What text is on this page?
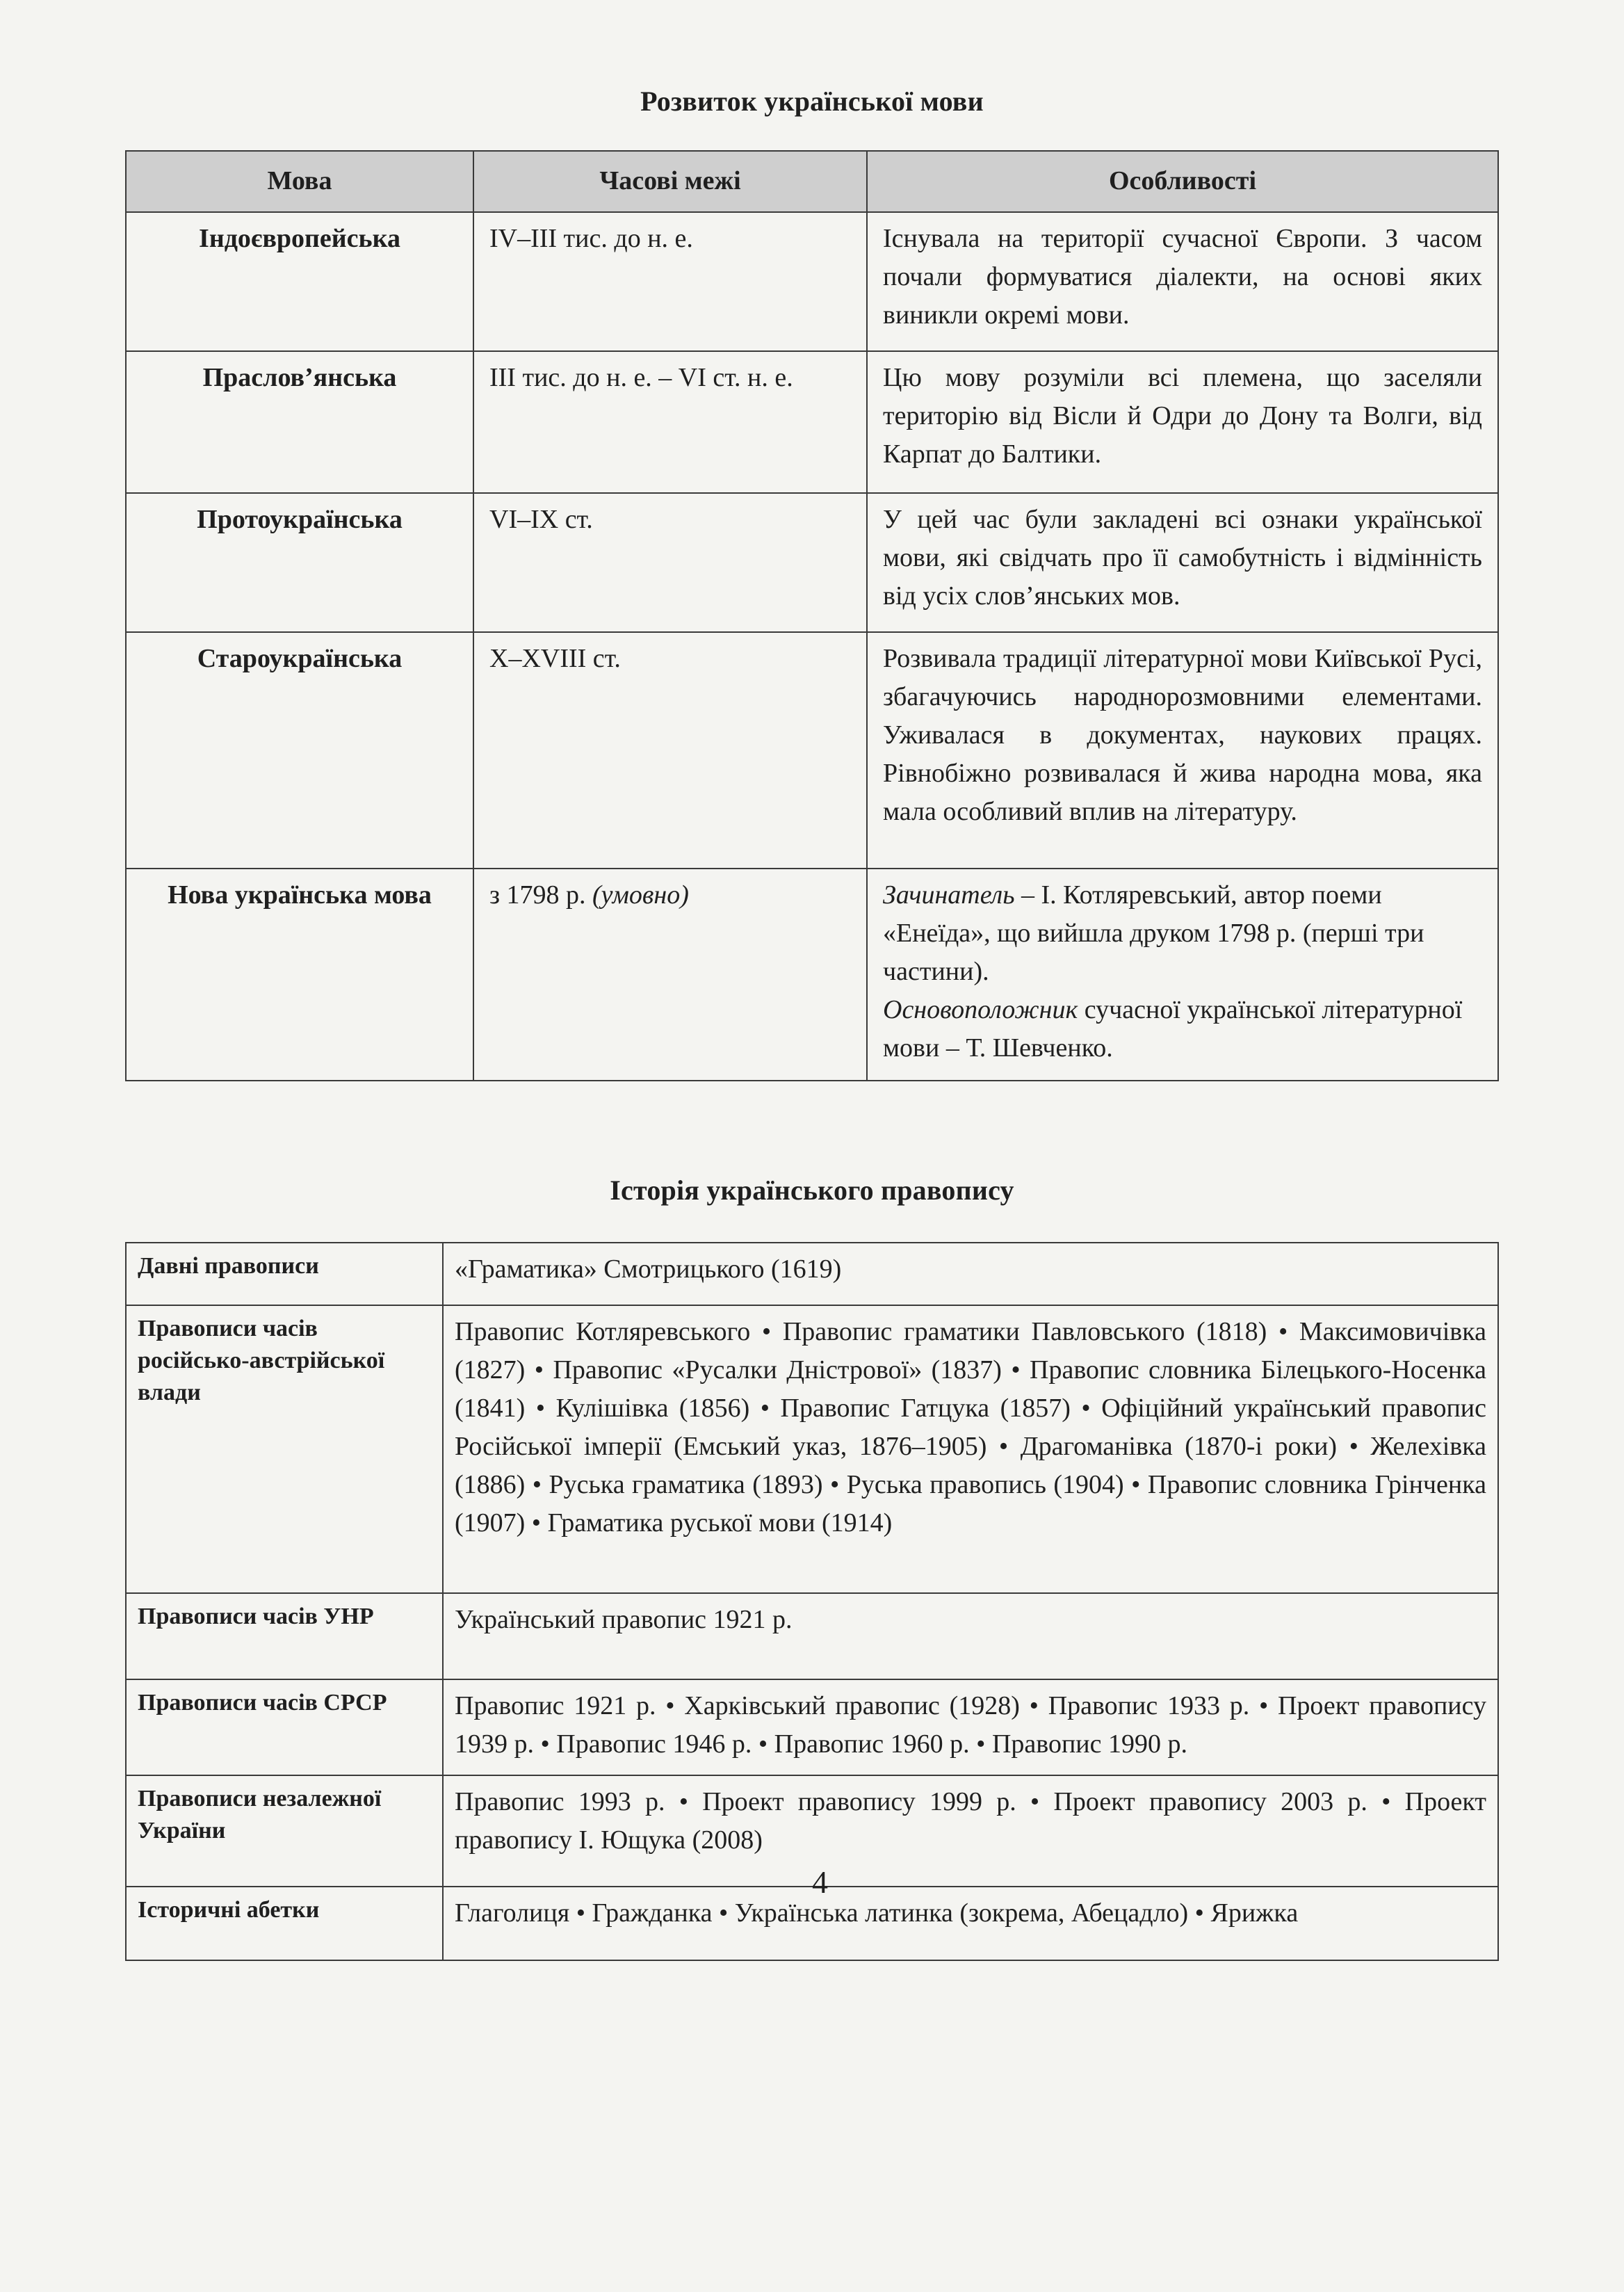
Розвиток української мови
Мова	Часові межі	Особливості
Індоєвропейська	IV–III тис. до н. е.	Існувала на території сучасної Європи. З часом почали формуватися діалекти, на основі яких виникли окремі мови.
Праслов’янська	III тис. до н. е. – VI ст. н. е.	Цю мову розуміли всі племена, що заселяли територію від Вісли й Одри до Дону та Волги, від Карпат до Балтики.
Протоукраїнська	VI–IX ст.	У цей час були закладені всі ознаки української мови, які свідчать про її самобутність і відмінність від усіх слов’янських мов.
Староукраїнська	X–XVIII ст.	Розвивала традиції літературної мови Київської Русі, збагачуючись народнорозмовними елементами. Уживалася в документах, наукових працях. Рівнобіжно розвивалася й жива народна мова, яка мала особливий вплив на літературу.
Нова українська мова	з 1798 р. (умовно)	Зачинатель – І. Котляревський, автор поеми «Енеїда», що вийшла друком 1798 р. (перші три частини).
Основоположник сучасної української літературної мови – Т. Шевченко.
Історія українського правопису
Давні правописи	«Граматика» Смотрицького (1619)
Правописи часів російсько-австрійської влади	Правопис Котляревського • Правопис граматики Павловського (1818) • Максимовичівка (1827) • Правопис «Русалки Дністрової» (1837) • Правопис словника Білецького-Носенка (1841) • Кулішівка (1856) • Правопис Гатцука (1857) • Офіційний український правопис Російської імперії (Емський указ, 1876–1905) • Драгоманівка (1870-і роки) • Желехівка (1886) • Руська граматика (1893) • Руська правопись (1904) • Правопис словника Грінченка (1907) • Граматика руської мови (1914)
Правописи часів УНР	Український правопис 1921 р.
Правописи часів СРСР	Правопис 1921 р. • Харківський правопис (1928) • Правопис 1933 р. • Проект правопису 1939 р. • Правопис 1946 р. • Правопис 1960 р. • Правопис 1990 р.
Правописи незалежної України	Правопис 1993 р. • Проект правопису 1999 р. • Проект правопису 2003 р. • Проект правопису І. Ющука (2008)
Історичні абетки	Глаголиця • Гражданка • Українська латинка (зокрема, Абецадло) • Ярижка
4
